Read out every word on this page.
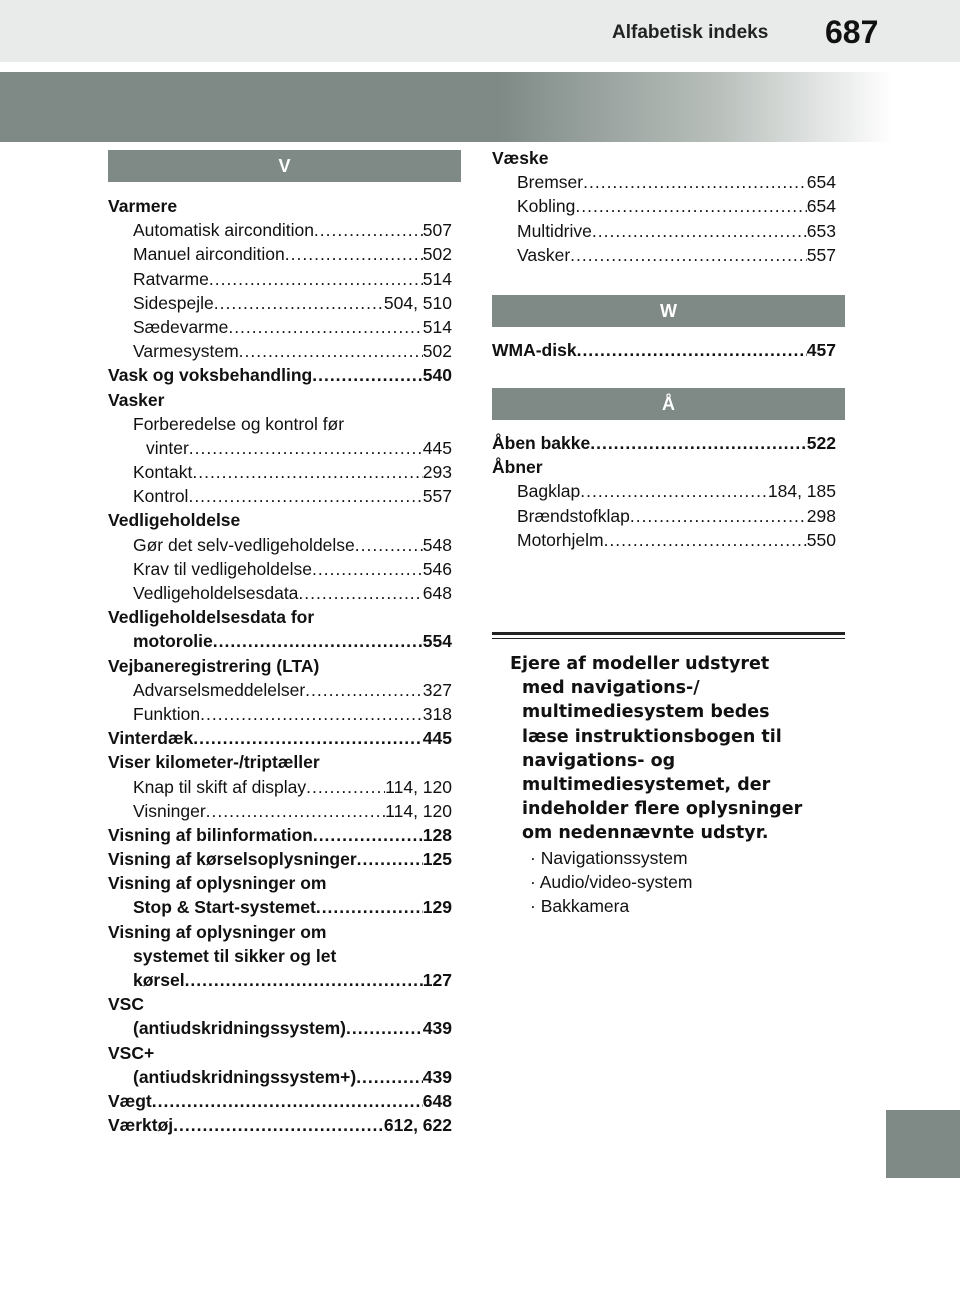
Alfabetisk indeks 687
V
Varmere
Automatisk aircondition .....	507
Manuel aircondition .....	502
Ratvarme .....	514
Sidespejle .....	504, 510
Sædevarme .....	514
Varmesystem .....	502
Vask og voksbehandling .....	540
Vasker
Forberedelse og kontrol før
vinter .....	445
Kontakt .....	293
Kontrol .....	557
Vedligeholdelse
Gør det selv-vedligeholdelse .....	548
Krav til vedligeholdelse .....	546
Vedligeholdelsesdata .....	648
Vedligeholdelsesdata for
motorolie .....	554
Vejbaneregistrering (LTA)
Advarselsmeddelelser .....	327
Funktion .....	318
Vinterdæk .....	445
Viser kilometer-/triptæller
Knap til skift af display .....	114, 120
Visninger .....	114, 120
Visning af bilinformation .....	128
Visning af kørselsoplysninger .....	125
Visning af oplysninger om
Stop & Start-systemet .....	129
Visning af oplysninger om
systemet til sikker og let
kørsel .....	127
VSC
(antiudskridningssystem) .....	439
VSC+
(antiudskridningssystem+) .....	439
Vægt .....	648
Værktøj .....	612, 622
Væske
Bremser .....	654
Kobling .....	654
Multidrive .....	653
Vasker .....	557
W
WMA-disk .....	457
Å
Åben bakke .....	522
Åbner
Bagklap .....	184, 185
Brændstofklap .....	298
Motorhjelm .....	550
Ejere af modeller udstyret
med navigations-/
multimediesystem bedes
læse instruktionsbogen til
navigations- og
multimediesystemet, der
indeholder flere oplysninger
om nedennævnte udstyr.
· Navigationssystem
· Audio/video-system
· Bakkamera
